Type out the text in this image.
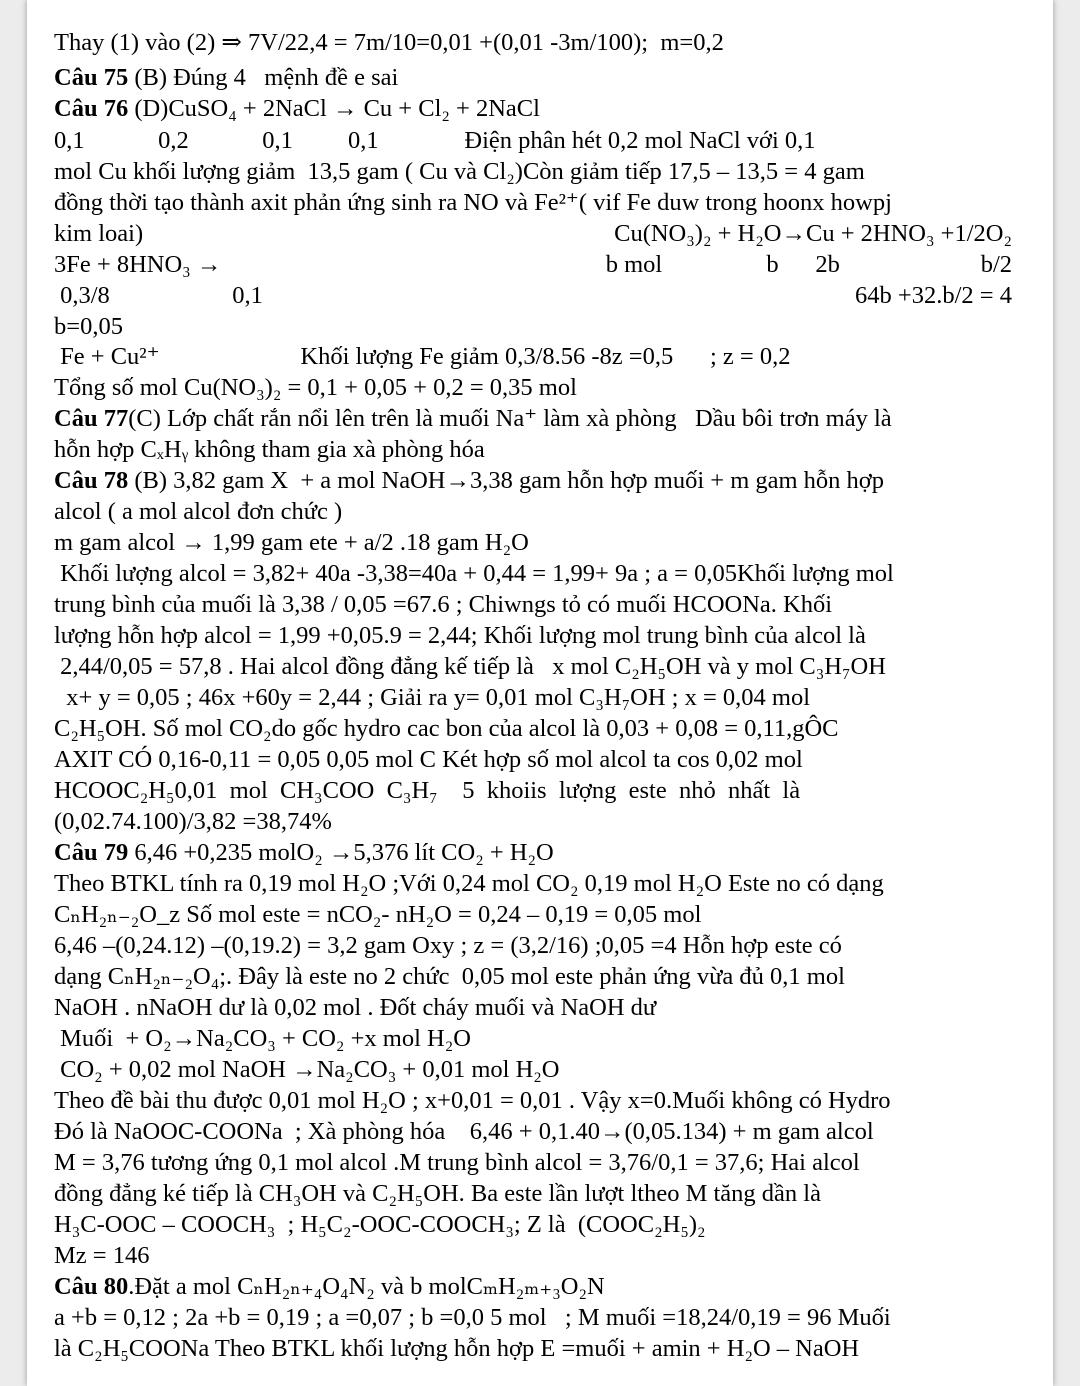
Thay (1) vào (2) ⇒ 7V/22,4 = 7m/10=0,01 +(0,01 -3m/100);  m=0,2
Câu 75 (B) Đúng 4   mệnh đề e sai
Câu 76 (D)CuSO₄ + 2NaCl → Cu + Cl₂ + 2NaCl
0,1            0,2            0,1         0,1              Điện phân hét 0,2 mol NaCl với 0,1
mol Cu khối lượng giảm  13,5 gam ( Cu và Cl₂)Còn giảm tiếp 17,5 – 13,5 = 4 gam
đồng thời tạo thành axit phản ứng sinh ra NO và Fe²⁺( vif Fe duw trong hoonx howpj
kim loai)	Cu(NO₃)₂ + H₂O→Cu + 2HNO₃ +1/2O₂
3Fe + 8HNO₃ →	b mol                 b      2b                       b/2
0,3/8                    0,1	64b +32.b/2 = 4
b=0,05
Fe + Cu²⁺                       Khối lượng Fe giảm 0,3/8.56 -8z =0,5      ; z = 0,2
Tổng số mol Cu(NO₃)₂ = 0,1 + 0,05 + 0,2 = 0,35 mol
Câu 77(C) Lớp chất rắn nổi lên trên là muối Na⁺ làm xà phòng   Dầu bôi trơn máy là
hỗn hợp CₓHᵧ không tham gia xà phòng hóa
Câu 78 (B) 3,82 gam X  + a mol NaOH→3,38 gam hỗn hợp muối + m gam hỗn hợp
alcol ( a mol alcol đơn chức )
m gam alcol → 1,99 gam ete + a/2 .18 gam H₂O
Khối lượng alcol = 3,82+ 40a -3,38=40a + 0,44 = 1,99+ 9a ; a = 0,05Khối lượng mol
trung bình của muối là 3,38 / 0,05 =67.6 ; Chiwngs tỏ có muối HCOONa. Khối
lượng hỗn hợp alcol = 1,99 +0,05.9 = 2,44; Khối lượng mol trung bình của alcol là
2,44/0,05 = 57,8 . Hai alcol đồng đẳng kế tiếp là   x mol C₂H₅OH và y mol C₃H₇OH
x+ y = 0,05 ; 46x +60y = 2,44 ; Giải ra y= 0,01 mol C₃H₇OH ; x = 0,04 mol
C₂H₅OH. Số mol CO₂do gốc hydro cac bon của alcol là 0,03 + 0,08 = 0,11,gÔC
AXIT CÓ 0,16-0,11 = 0,05 0,05 mol C Két hợp số mol alcol ta cos 0,02 mol
HCOOC₂H₅0,01  mol  CH₃COO  C₃H₇    5  khoiis  lượng  este  nhỏ  nhất  là
(0,02.74.100)/3,82 =38,74%
Câu 79 6,46 +0,235 molO₂ →5,376 lít CO₂ + H₂O
Theo BTKL tính ra 0,19 mol H₂O ;Với 0,24 mol CO₂ 0,19 mol H₂O Este no có dạng
CₙH₂ₙ₋₂O_z Số mol este = nCO₂- nH₂O = 0,24 – 0,19 = 0,05 mol
6,46 –(0,24.12) –(0,19.2) = 3,2 gam Oxy ; z = (3,2/16) ;0,05 =4 Hỗn hợp este có
dạng CₙH₂ₙ₋₂O₄;. Đây là este no 2 chức  0,05 mol este phản ứng vừa đủ 0,1 mol
NaOH . nNaOH dư là 0,02 mol . Đốt cháy muối và NaOH dư
Muối  + O₂→Na₂CO₃ + CO₂ +x mol H₂O
CO₂ + 0,02 mol NaOH →Na₂CO₃ + 0,01 mol H₂O
Theo đề bài thu được 0,01 mol H₂O ; x+0,01 = 0,01 . Vậy x=0.Muối không có Hydro
Đó là NaOOC-COONa  ; Xà phòng hóa    6,46 + 0,1.40→(0,05.134) + m gam alcol
M = 3,76 tương ứng 0,1 mol alcol .M trung bình alcol = 3,76/0,1 = 37,6; Hai alcol
đồng đẳng ké tiếp là CH₃OH và C₂H₅OH. Ba este lần lượt ltheo M tăng dần là
H₃C-OOC – COOCH₃  ; H₅C₂-OOC-COOCH₃; Z là  (COOC₂H₅)₂
Mz = 146
Câu 80.Đặt a mol CₙH₂ₙ₊₄O₄N₂ và b molCₘH₂ₘ₊₃O₂N
a +b = 0,12 ; 2a +b = 0,19 ; a =0,07 ; b =0,0 5 mol   ; M muối =18,24/0,19 = 96 Muối
là C₂H₅COONa Theo BTKL khối lượng hỗn hợp E =muối + amin + H₂O – NaOH
